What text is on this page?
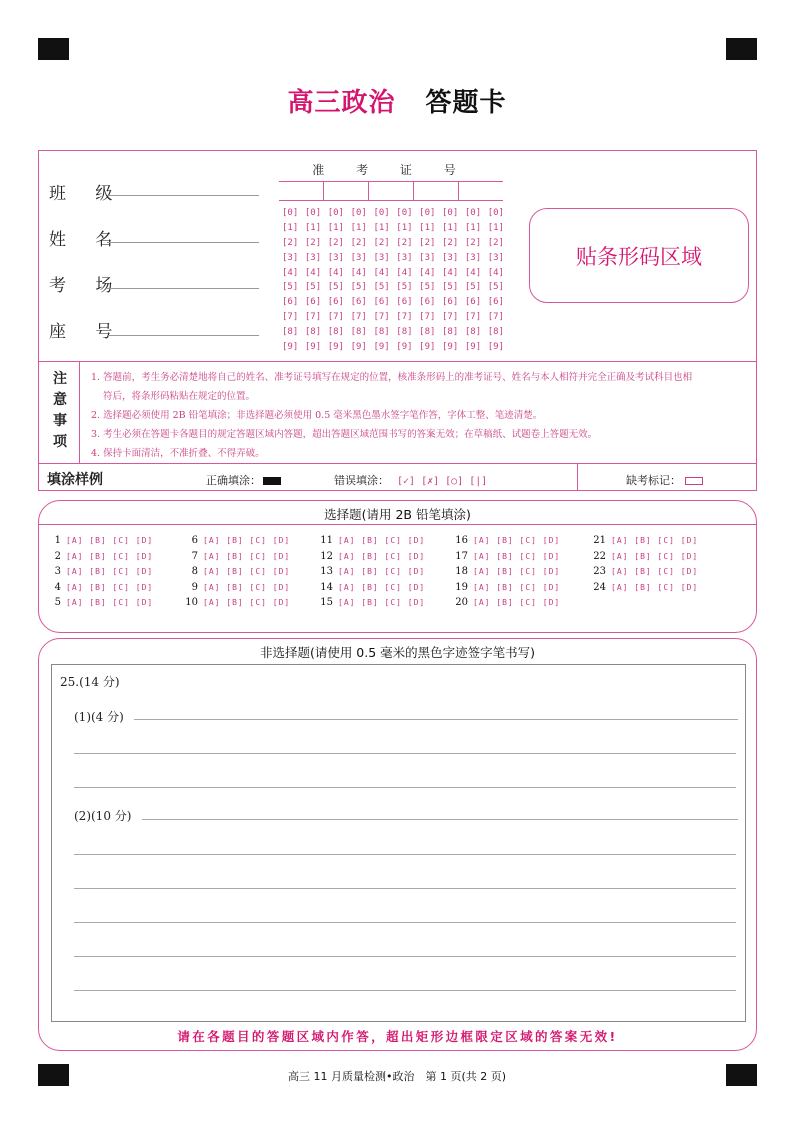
高三政治 答题卡
班 级
姓 名
考 场
座 号
准 考 证 号
[0] [0] [0] [0] [0] [0] [0] [0] [0] [0]
[1] [1] [1] [1] [1] [1] [1] [1] [1] [1]
[2] [2] [2] [2] [2] [2] [2] [2] [2] [2]
[3] [3] [3] [3] [3] [3] [3] [3] [3] [3]
[4] [4] [4] [4] [4] [4] [4] [4] [4] [4]
[5] [5] [5] [5] [5] [5] [5] [5] [5] [5]
[6] [6] [6] [6] [6] [6] [6] [6] [6] [6]
[7] [7] [7] [7] [7] [7] [7] [7] [7] [7]
[8] [8] [8] [8] [8] [8] [8] [8] [8] [8]
[9] [9] [9] [9] [9] [9] [9] [9] [9] [9]
贴条形码区域
注
意
事
项
1. 答题前，考生务必清楚地将自己的姓名、准考证号填写在规定的位置，核准条形码上的准考证号、姓名与本人相符并完全正确及考试科目也相
符后，将条形码粘贴在规定的位置。
2. 选择题必须使用 2B 铅笔填涂；非选择题必须使用 0.5 毫米黑色墨水签字笔作答，字体工整、笔迹清楚。
3. 考生必须在答题卡各题目的规定答题区域内答题，超出答题区域范围书写的答案无效；在草稿纸、试题卷上答题无效。
4. 保持卡面清洁，不准折叠、不得弄破。
填涂样例	正确填涂：	错误填涂： [✓] [✗] [○] [|]	缺考标记：
选择题(请用 2B 铅笔填涂)
1 [A] [B] [C] [D]
2 [A] [B] [C] [D]
3 [A] [B] [C] [D]
4 [A] [B] [C] [D]
5 [A] [B] [C] [D]
6 [A] [B] [C] [D]
7 [A] [B] [C] [D]
8 [A] [B] [C] [D]
9 [A] [B] [C] [D]
10 [A] [B] [C] [D]
11 [A] [B] [C] [D]
12 [A] [B] [C] [D]
13 [A] [B] [C] [D]
14 [A] [B] [C] [D]
15 [A] [B] [C] [D]
16 [A] [B] [C] [D]
17 [A] [B] [C] [D]
18 [A] [B] [C] [D]
19 [A] [B] [C] [D]
20 [A] [B] [C] [D]
21 [A] [B] [C] [D]
22 [A] [B] [C] [D]
23 [A] [B] [C] [D]
24 [A] [B] [C] [D]
非选择题(请使用 0.5 毫米的黑色字迹签字笔书写)
25.(14 分)
(1)(4 分)
(2)(10 分)
请在各题目的答题区域内作答，超出矩形边框限定区域的答案无效!
高三 11 月质量检测•政治　第 1 页(共 2 页)
